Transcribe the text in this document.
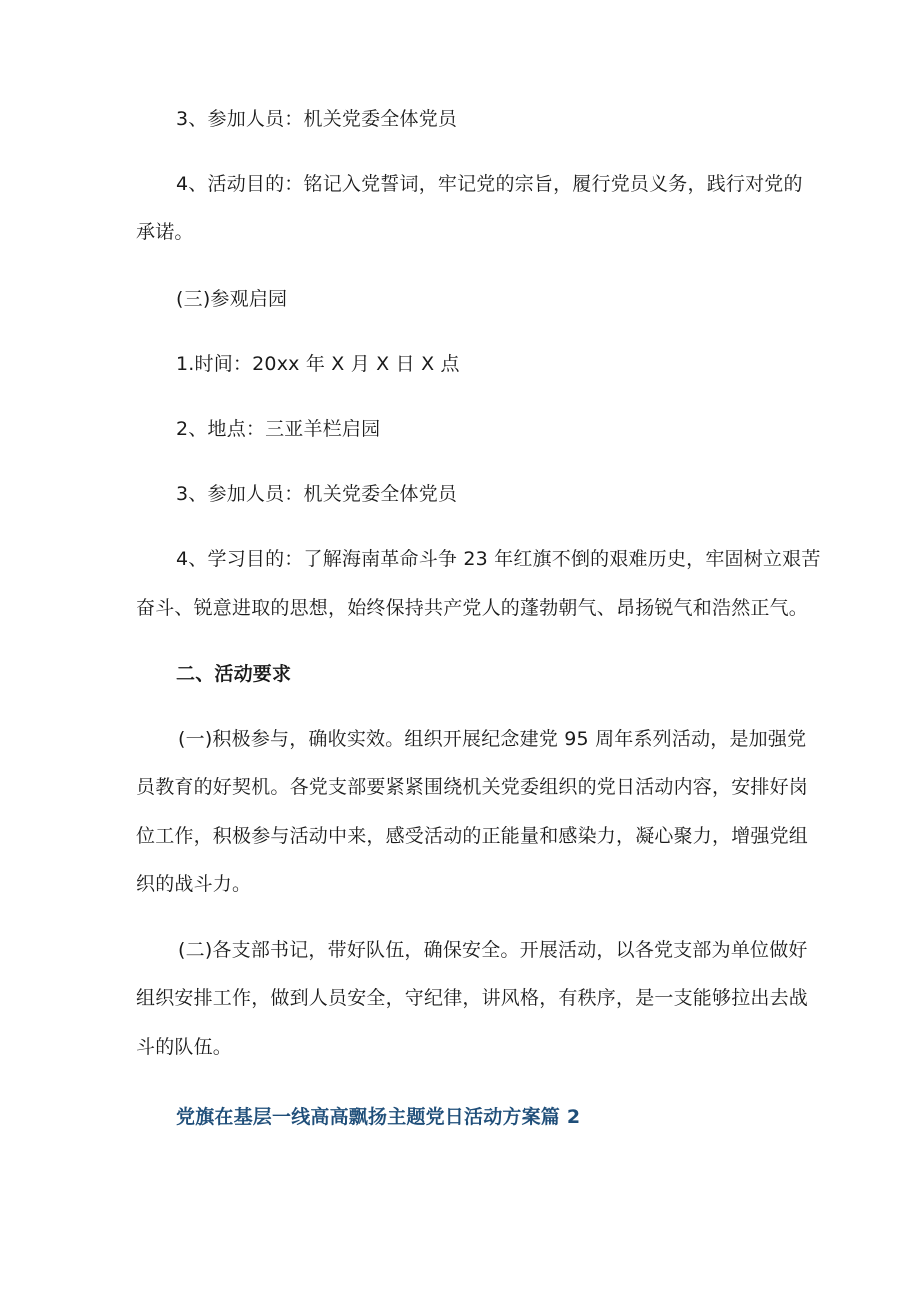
3、参加人员：机关党委全体党员
4、活动目的：铭记入党誓词，牢记党的宗旨，履行党员义务，践行对党的
承诺。
(三)参观启园
1.时间：20xx 年 X 月 X 日 X 点
2、地点：三亚羊栏启园
3、参加人员：机关党委全体党员
4、学习目的：了解海南革命斗争 23 年红旗不倒的艰难历史，牢固树立艰苦
奋斗、锐意进取的思想，始终保持共产党人的蓬勃朝气、昂扬锐气和浩然正气。
二、活动要求
(一)积极参与，确收实效。组织开展纪念建党 95 周年系列活动，是加强党
员教育的好契机。各党支部要紧紧围绕机关党委组织的党日活动内容，安排好岗
位工作，积极参与活动中来，感受活动的正能量和感染力，凝心聚力，增强党组
织的战斗力。
(二)各支部书记，带好队伍，确保安全。开展活动，以各党支部为单位做好
组织安排工作，做到人员安全，守纪律，讲风格，有秩序，是一支能够拉出去战
斗的队伍。
党旗在基层一线高高飘扬主题党日活动方案篇 2
